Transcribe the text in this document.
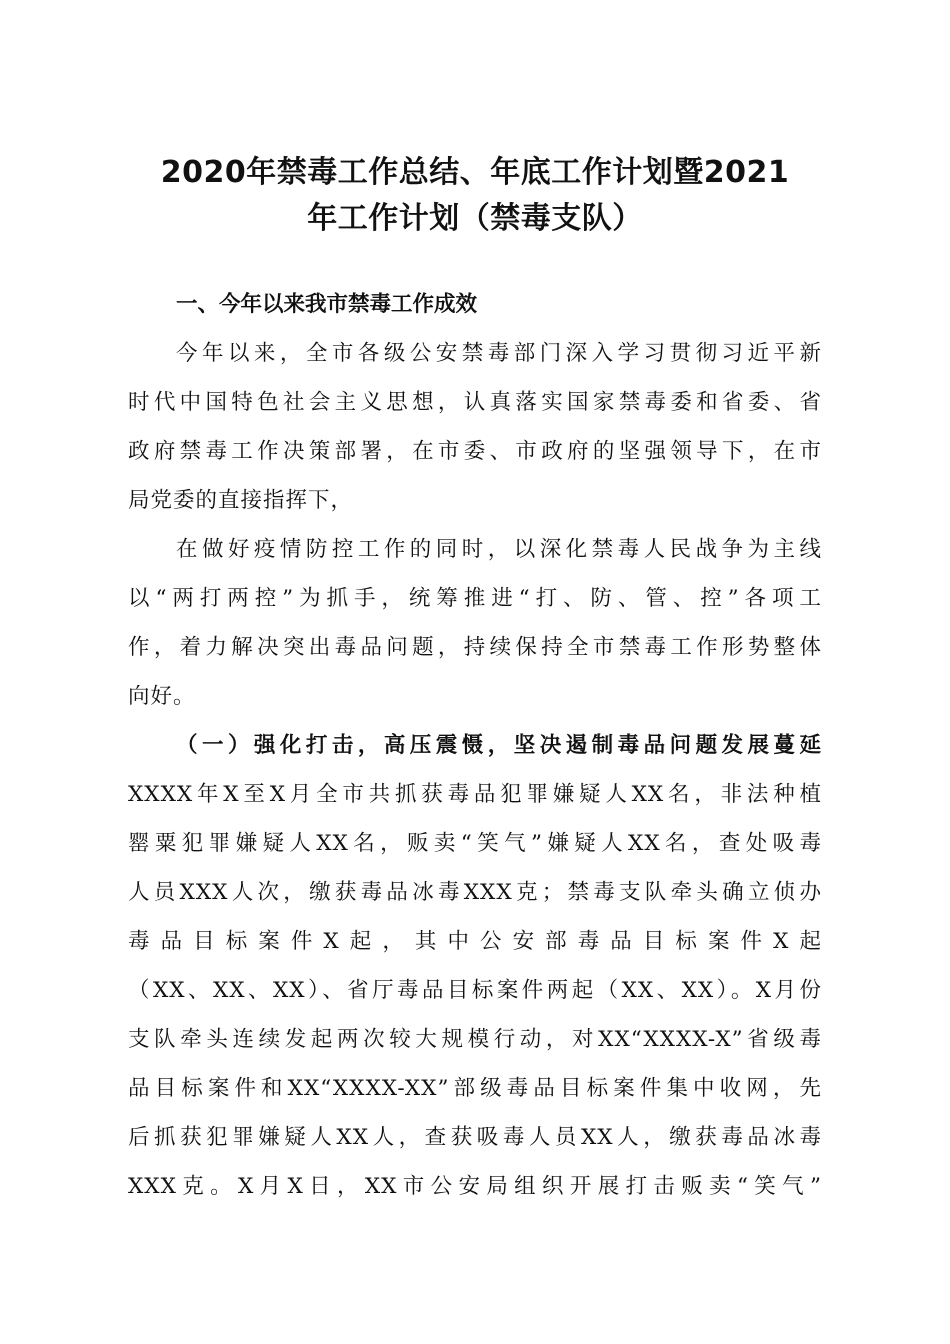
2020年禁毒工作总结、年底工作计划暨2021
年工作计划（禁毒支队）
一、今年以来我市禁毒工作成效
今年以来，全市各级公安禁毒部门深入学习贯彻习近平新
时代中国特色社会主义思想，认真落实国家禁毒委和省委、省
政府禁毒工作决策部署，在市委、市政府的坚强领导下，在市
局党委的直接指挥下，
在做好疫情防控工作的同时，以深化禁毒人民战争为主线
以“两打两控”为抓手，统筹推进“打、防、管、控”各项工
作，着力解决突出毒品问题，持续保持全市禁毒工作形势整体
向好。
（一）强化打击，高压震慑，坚决遏制毒品问题发展蔓延
XXXX年X至X月全市共抓获毒品犯罪嫌疑人XX名，非法种植
罂粟犯罪嫌疑人XX名，贩卖“笑气”嫌疑人XX名，查处吸毒
人员XXX人次，缴获毒品冰毒XXX克；禁毒支队牵头确立侦办
毒品目标案件X起，其中公安部毒品目标案件X起
（XX、XX、XX）、省厅毒品目标案件两起（XX、XX）。X月份
支队牵头连续发起两次较大规模行动，对XX“XXXX-X”省级毒
品目标案件和XX“XXXX-XX”部级毒品目标案件集中收网，先
后抓获犯罪嫌疑人XX人，查获吸毒人员XX人，缴获毒品冰毒
XXX克。X月X日，XX市公安局组织开展打击贩卖“笑气”
